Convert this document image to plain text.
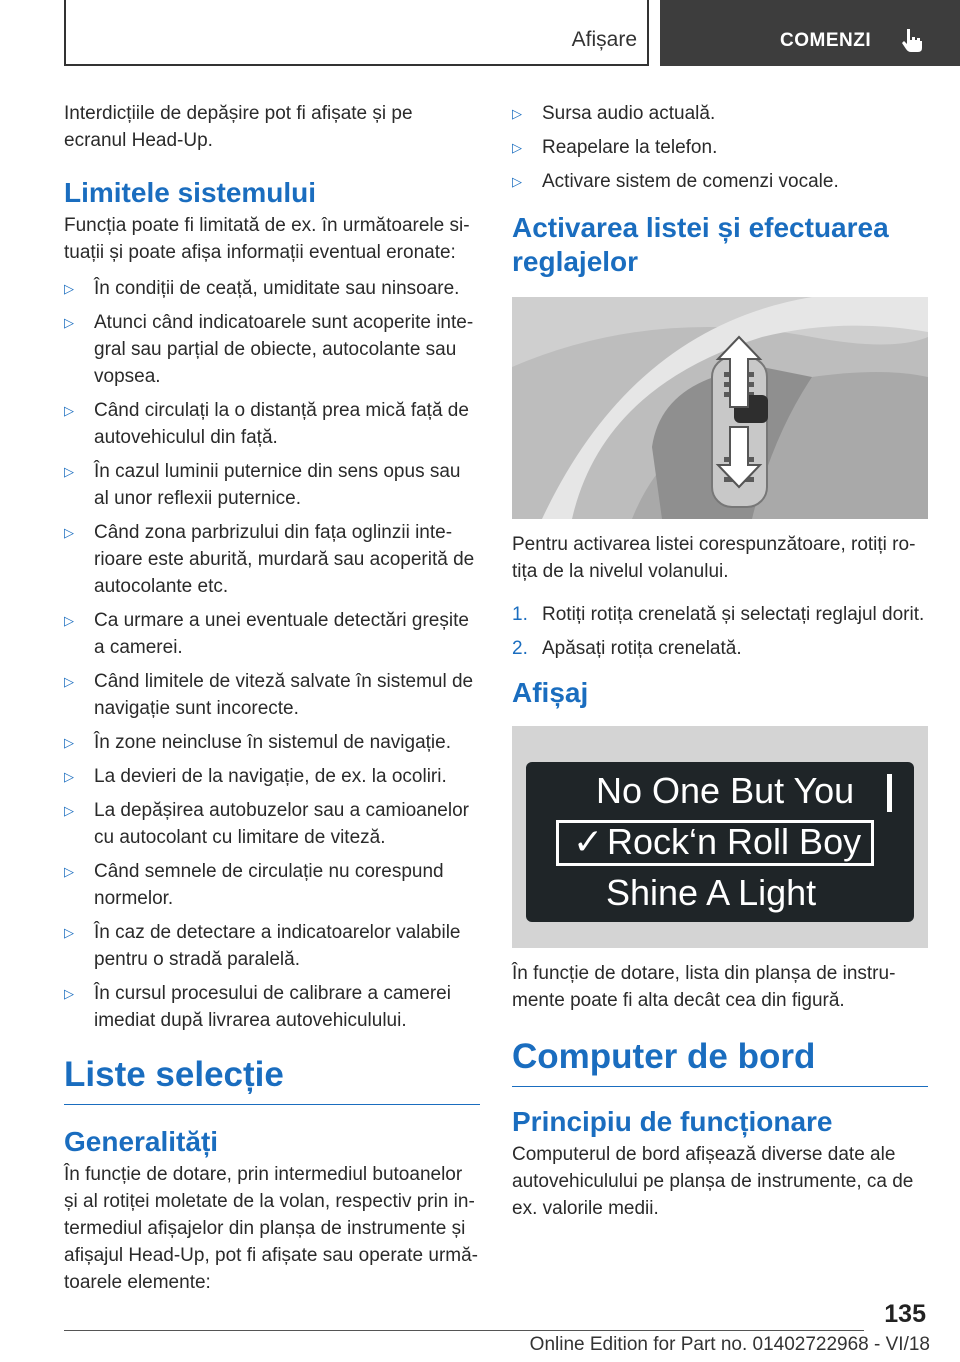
Afișare	COMENZI

Interdicțiile de depășire pot fi afișate și pe ecranul Head-Up.

Limitele sistemului

Funcția poate fi limitată de ex. în următoarele situații și poate afișa informații eventual eronate:

▷ În condiții de ceață, umiditate sau ninsoare.
▷ Atunci când indicatoarele sunt acoperite integral sau parțial de obiecte, autocolante sau vopsea.
▷ Când circulați la o distanță prea mică față de autovehiculul din față.
▷ În cazul luminii puternice din sens opus sau al unor reflexii puternice.
▷ Când zona parbrizului din fața oglinzii interioare este aburită, murdară sau acoperită de autocolante etc.
▷ Ca urmare a unei eventuale detectări greșite a camerei.
▷ Când limitele de viteză salvate în sistemul de navigație sunt incorecte.
▷ În zone neincluse în sistemul de navigație.
▷ La devieri de la navigație, de ex. la ocoliri.
▷ La depășirea autobuzelor sau a camioanelor cu autocolant cu limitare de viteză.
▷ Când semnele de circulație nu corespund normelor.
▷ În caz de detectare a indicatoarelor valabile pentru o stradă paralelă.
▷ În cursul procesului de calibrare a camerei imediat după livrarea autovehiculului.
Liste selecție
Generalități

În funcție de dotare, prin intermediul butoanelor și al rotiței moletate de la volan, respectiv prin intermediul afișajelor din planșa de instrumente și afișajul Head-Up, pot fi afișate sau operate următoarele elemente:

▷ Sursa audio actuală.
▷ Reapelare la telefon.
▷ Activare sistem de comenzi vocale.
Activarea listei și efectuarea reglajelor

Pentru activarea listei corespunzătoare, rotiți rotița de la nivelul volanului.

1. Rotiți rotița crenelată și selectați reglajul dorit.
2. Apăsați rotița crenelată.
Afișaj
No One But You
✓ Rock‘n Roll Boy
Shine A Light

În funcție de dotare, lista din planșa de instrumente poate fi alta decât cea din figură.

Computer de bord
Principiu de funcționare

Computerul de bord afișează diverse date ale autovehiculului pe planșa de instrumente, ca de ex. valorile medii.

135
Online Edition for Part no. 01402722968 - VI/18
